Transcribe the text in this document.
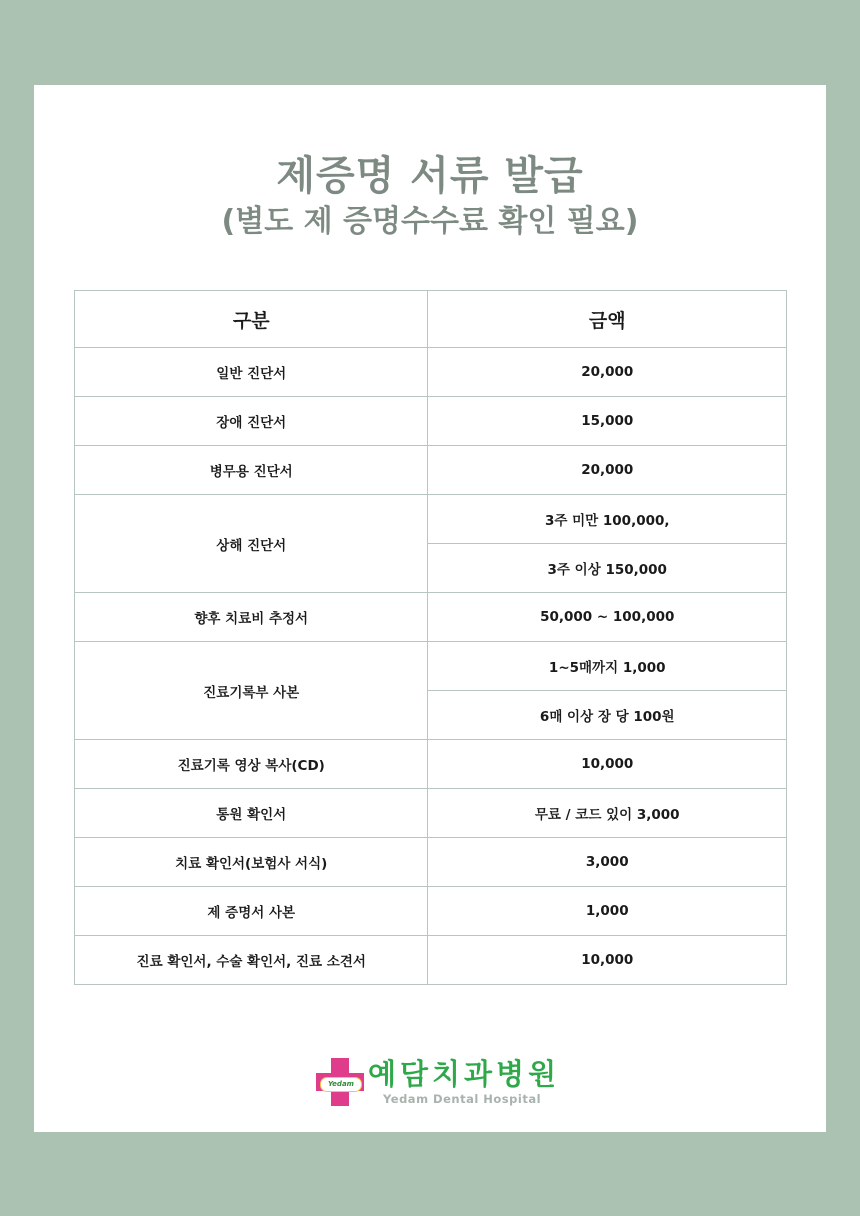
제증명 서류 발급
(별도 제 증명수수료 확인 필요)
구분	금액
일반 진단서	20,000
장애 진단서	15,000
병무용 진단서	20,000
상해 진단서	3주 미만 100,000,
	3주 이상 150,000
향후 치료비 추정서	50,000 ~ 100,000
진료기록부 사본	1~5매까지 1,000
	6매 이상 장 당 100원
진료기록 영상 복사(CD)	10,000
통원 확인서	무료 / 코드 있이 3,000
치료 확인서(보험사 서식)	3,000
제 증명서 사본	1,000
진료 확인서, 수술 확인서, 진료 소견서	10,000
Yedam 예담치과병원
Yedam Dental Hospital
